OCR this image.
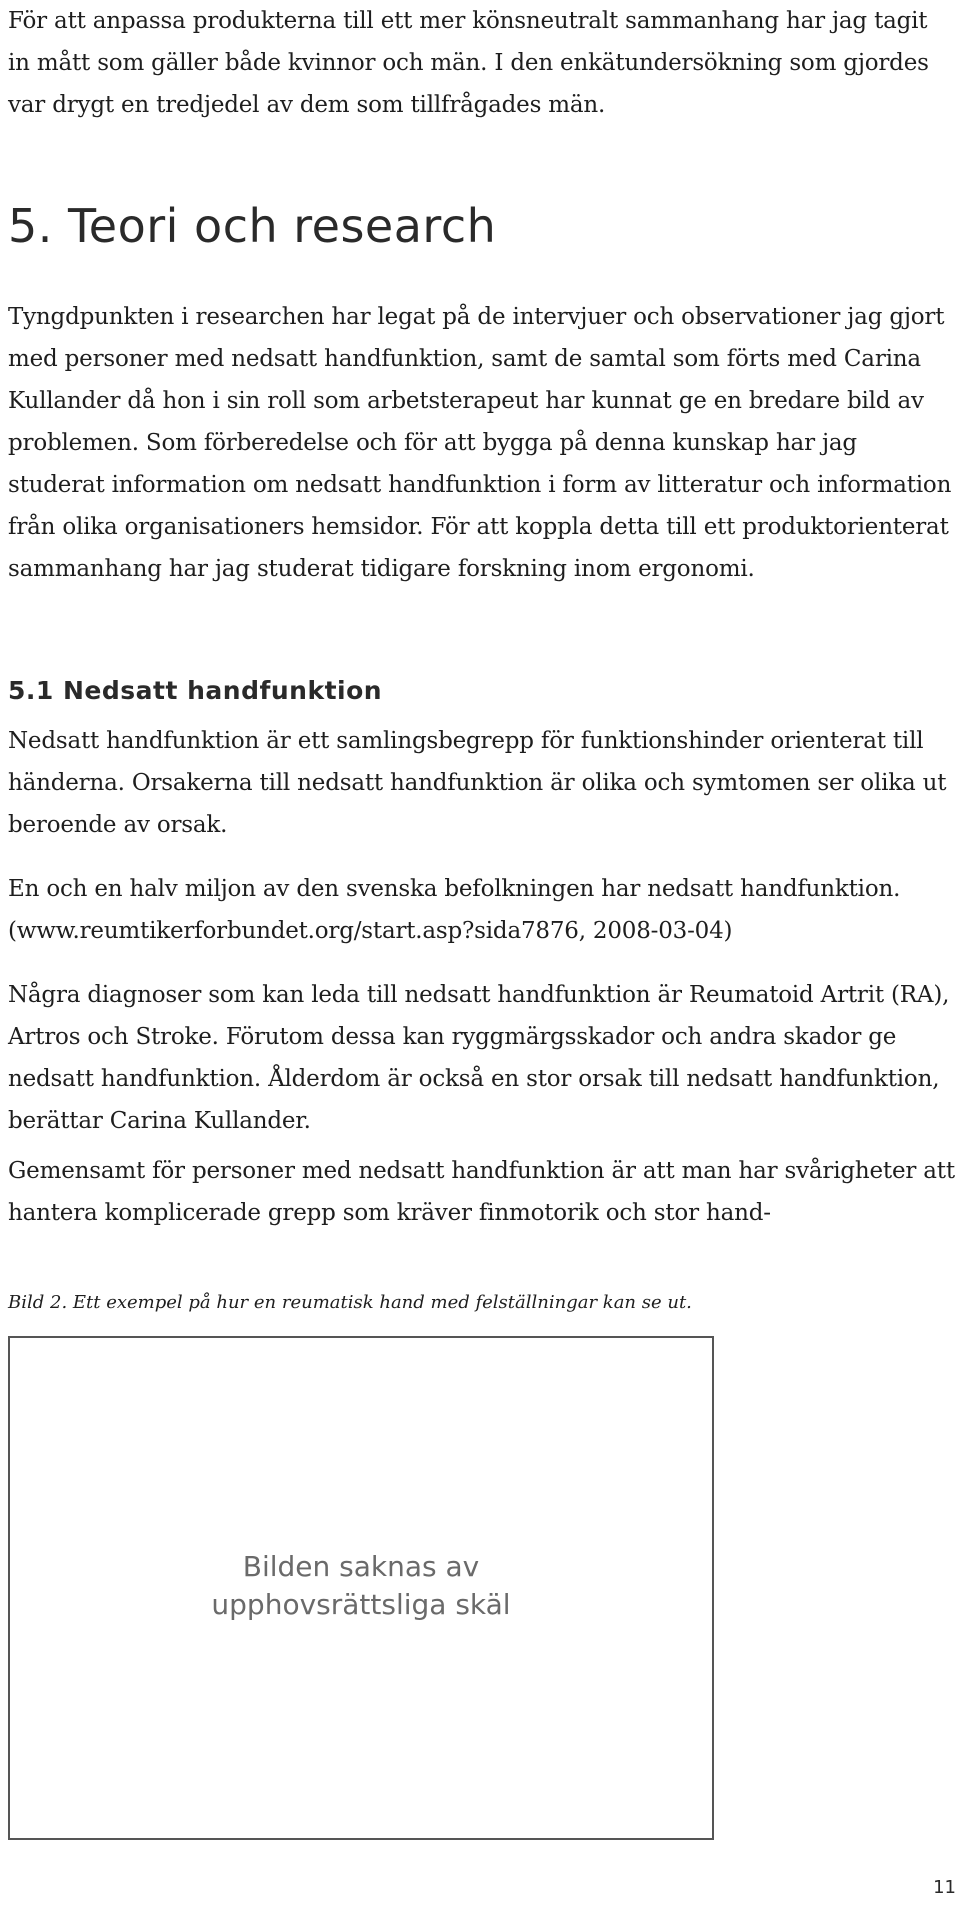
För att anpassa produkterna till ett mer könsneutralt sammanhang har jag tagit in mått som gäller både kvinnor och män. I den enkätundersökning som gjordes var drygt en tredjedel av dem som tillfrågades män.

5. Teori och research

Tyngdpunkten i researchen har legat på de intervjuer och observationer jag gjort med personer med nedsatt handfunktion, samt de samtal som förts med Carina Kullander då hon i sin roll som arbetsterapeut har kunnat ge en bredare bild av problemen. Som förberedelse och för att bygga på denna kunskap har jag studerat information om nedsatt handfunktion i form av litteratur och information från olika organisationers hemsidor. För att koppla detta till ett produktorienterat sammanhang har jag studerat tidigare forskning inom ergonomi.

5.1 Nedsatt handfunktion

Nedsatt handfunktion är ett samlingsbegrepp för funktionshinder orienterat till händerna. Orsakerna till nedsatt handfunktion är olika och symtomen ser olika ut beroende av orsak.

En och en halv miljon av den svenska befolkningen har nedsatt handfunktion. (www.reumtikerforbundet.org/start.asp?sida7876, 2008-03-04)

Några diagnoser som kan leda till nedsatt handfunktion är Reumatoid Artrit (RA), Artros och Stroke. Förutom dessa kan ryggmärgsskador och andra skador ge nedsatt handfunktion. Ålderdom är också en stor orsak till nedsatt handfunktion, berättar Carina Kullander.

Gemensamt för personer med nedsatt handfunktion är att man har svårigheter att hantera komplicerade grepp som kräver finmotorik och stor hand-

Bild 2. Ett exempel på hur en reumatisk hand med felställningar kan se ut.

Bilden saknas av
upphovsrättsliga skäl
11
